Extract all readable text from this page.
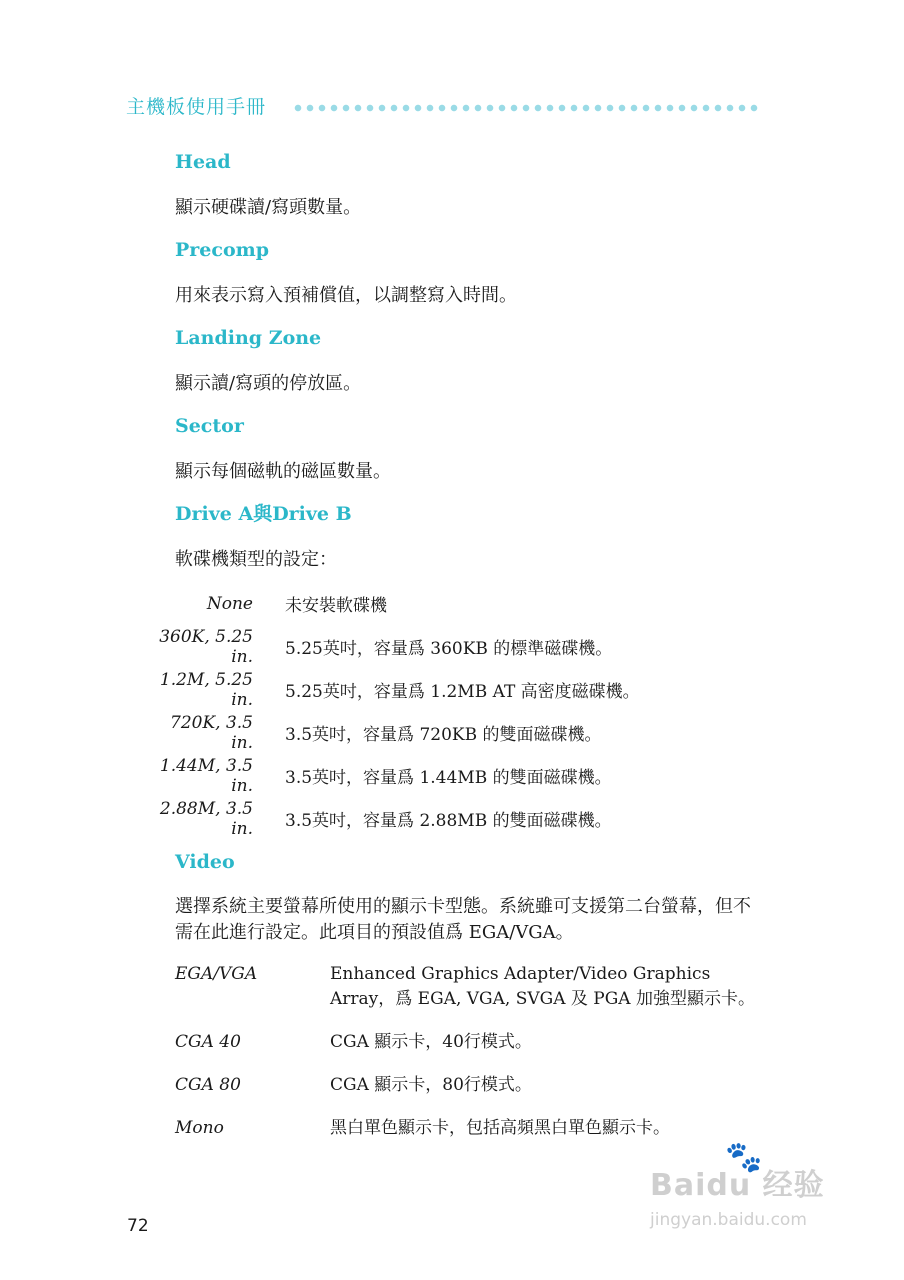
主機板使用手冊
Head

顯示硬碟讀/寫頭數量。

Precomp

用來表示寫入預補償值，以調整寫入時間。

Landing Zone

顯示讀/寫頭的停放區。

Sector

顯示每個磁軌的磁區數量。

Drive A與Drive B

軟碟機類型的設定：

None	未安裝軟碟機
360K, 5.25 in.	5.25英吋，容量爲 360KB 的標準磁碟機。
1.2M, 5.25 in.	5.25英吋，容量爲 1.2MB AT 高密度磁碟機。
720K, 3.5 in.	3.5英吋，容量爲 720KB 的雙面磁碟機。
1.44M, 3.5 in.	3.5英吋，容量爲 1.44MB 的雙面磁碟機。
2.88M, 3.5 in.	3.5英吋，容量爲 2.88MB 的雙面磁碟機。
Video

選擇系統主要螢幕所使用的顯示卡型態。系統雖可支援第二台螢幕，但不需在此進行設定。此項目的預設值爲 EGA/VGA。

EGA/VGA	Enhanced Graphics Adapter/Video Graphics Array，爲 EGA, VGA, SVGA 及 PGA 加強型顯示卡。
CGA 40	CGA 顯示卡，40行模式。
CGA 80	CGA 顯示卡，80行模式。
Mono	黑白單色顯示卡，包括高頻黑白單色顯示卡。
72
🐾
Baidu 经验
jingyan.baidu.com
